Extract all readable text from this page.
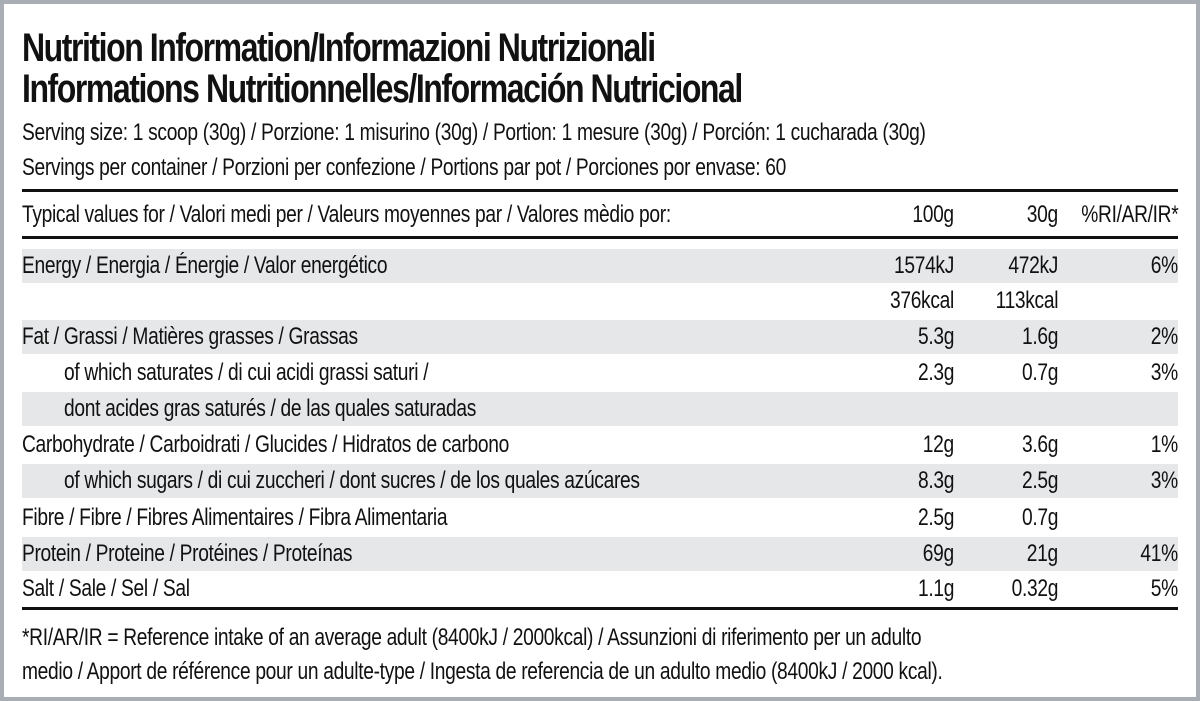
Nutrition Information/Informazioni Nutrizionali
Informations Nutritionnelles/Información Nutricional
Serving size: 1 scoop (30g) / Porzione: 1 misurino (30g) / Portion: 1 mesure (30g) / Porción: 1 cucharada (30g)
Servings per container / Porzioni per confezione / Portions par pot / Porciones por envase: 60
Typical values for / Valori medi per / Valeurs moyennes par / Valores mèdio por:	100g	30g %RI/AR/IR*
Energy / Energia / Énergie / Valor energético	1574kJ 472kJ	6%
376kcal 113kcal
Fat / Grassi / Matières grasses / Grassas	5.3g	1.6g	2%
of which saturates / di cui acidi grassi saturi /	2.3g	0.7g	3%
dont acides gras saturés / de las quales saturadas
Carbohydrate / Carboidrati / Glucides / Hidratos de carbono	12g	3.6g	1%
of which sugars / di cui zuccheri / dont sucres / de los quales azúcares	8.3g	2.5g	3%
Fibre / Fibre / Fibres Alimentaires / Fibra Alimentaria	2.5g	0.7g
Protein / Proteine / Protéines / Proteínas	69g	21g	41%
Salt / Sale / Sel / Sal	1.1g 0.32g	5%
*RI/AR/IR = Reference intake of an average adult (8400kJ / 2000kcal) / Assunzioni di riferimento per un adulto
medio / Apport de référence pour un adulte-type / Ingesta de referencia de un adulto medio (8400kJ / 2000 kcal).
